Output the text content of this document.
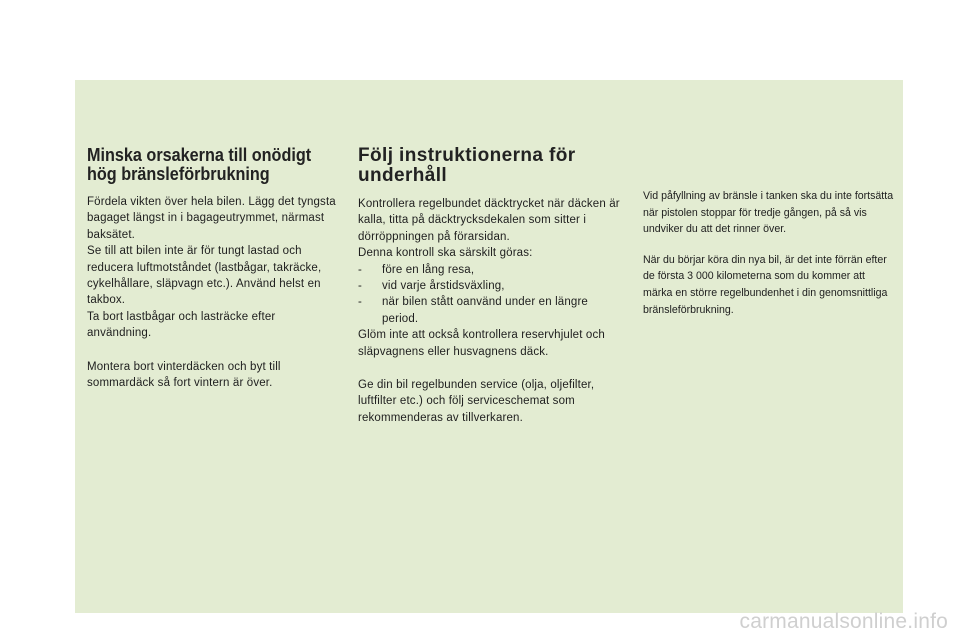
Minska orsakerna till onödigt
hög bränsleförbrukning

Fördela vikten över hela bilen. Lägg det tyngsta bagaget längst in i bagageutrymmet, närmast baksätet.

Se till att bilen inte är för tungt lastad och reducera luftmotståndet (lastbågar, takräcke, cykelhållare, släpvagn etc.). Använd helst en takbox.

Ta bort lastbågar och lasträcke efter användning.

Montera bort vinterdäcken och byt till sommardäck så fort vintern är över.

Följ instruktionerna för
underhåll

Kontrollera regelbundet däcktrycket när däcken är kalla, titta på däcktrycksdekalen som sitter i dörröppningen på förarsidan.

Denna kontroll ska särskilt göras:

- före en lång resa,
- vid varje årstidsväxling,
- när bilen stått oanvänd under en längre period.

Glöm inte att också kontrollera reservhjulet och släpvagnens eller husvagnens däck.

Ge din bil regelbunden service (olja, oljefilter, luftfilter etc.) och följ serviceschemat som rekommenderas av tillverkaren.

Vid påfyllning av bränsle i tanken ska du inte fortsätta när pistolen stoppar för tredje gången, på så vis undviker du att det rinner över.

När du börjar köra din nya bil, är det inte förrän efter de första 3 000 kilometerna som du kommer att märka en större regelbundenhet i din genomsnittliga bränsleförbrukning.

carmanualsonline.info
